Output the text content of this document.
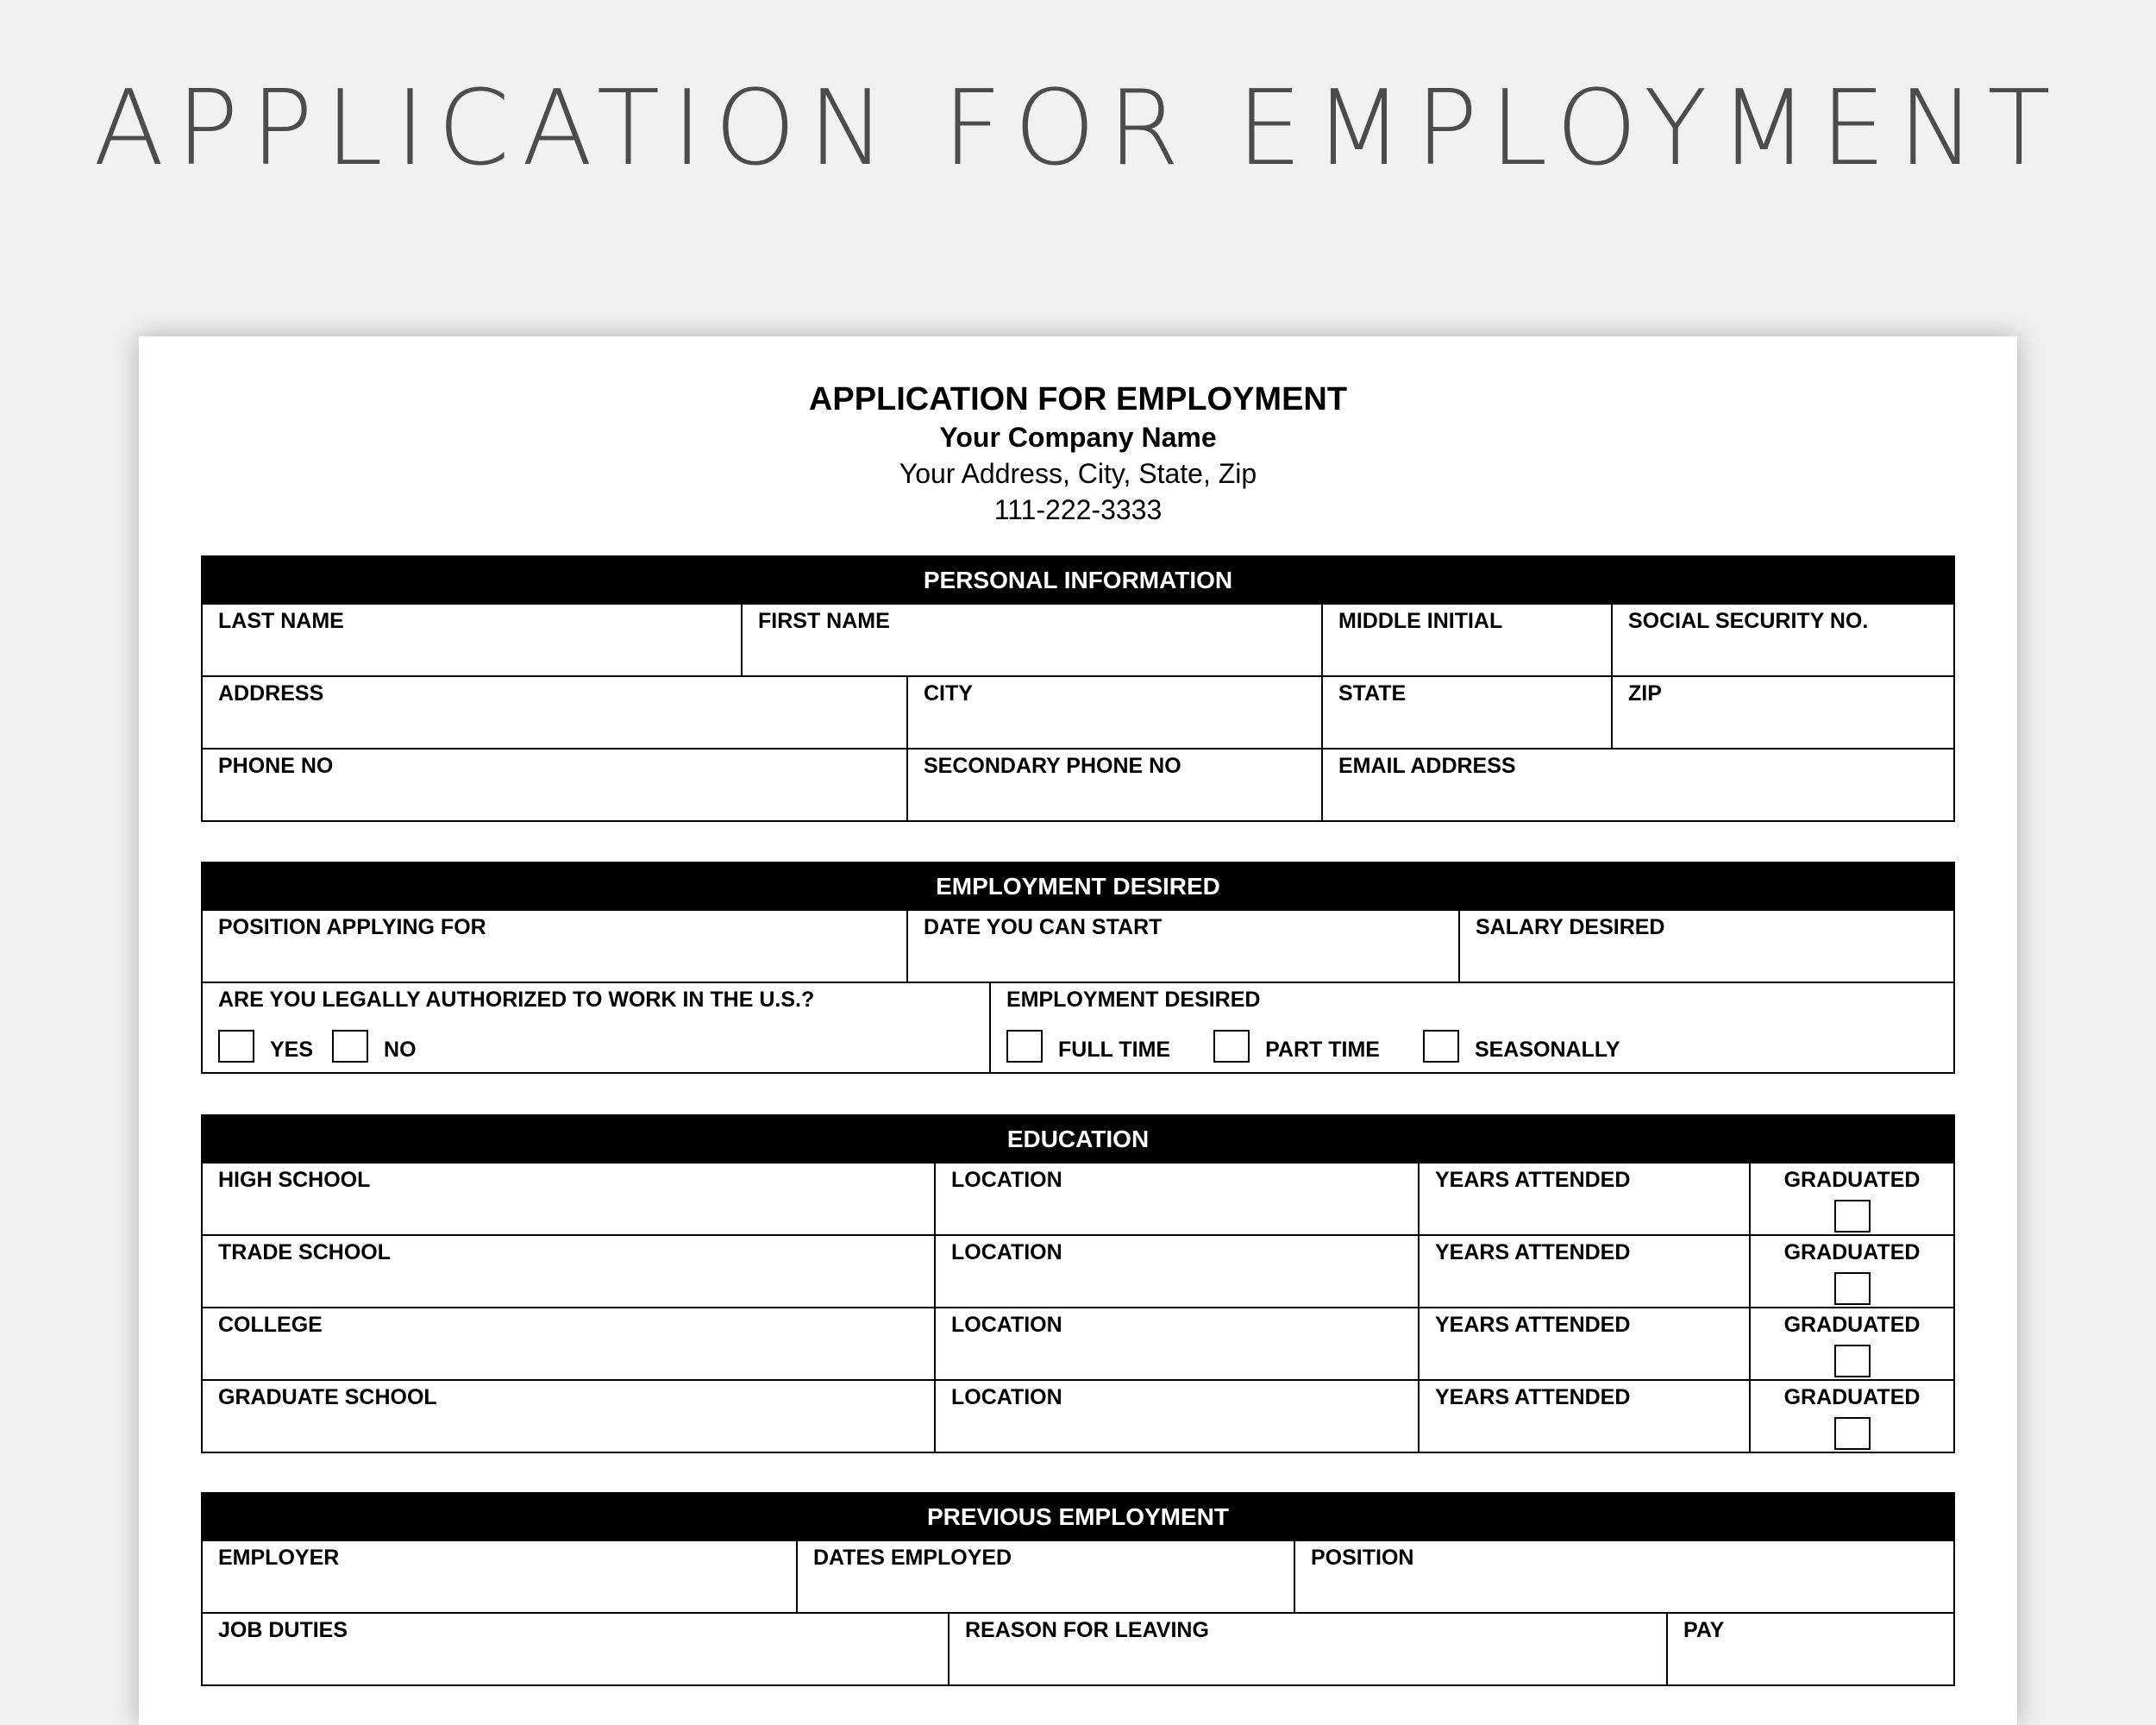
APPLICATION FOR EMPLOYMENT
APPLICATION FOR EMPLOYMENT
Your Company Name
Your Address, City, State, Zip
111-222-3333
PERSONAL INFORMATION
LAST NAME	FIRST NAME	MIDDLE INITIAL	SOCIAL SECURITY NO.
ADDRESS	CITY	STATE	ZIP
PHONE NO	SECONDARY PHONE NO	EMAIL ADDRESS
EMPLOYMENT DESIRED
POSITION APPLYING FOR	DATE YOU CAN START	SALARY DESIRED
ARE YOU LEGALLY AUTHORIZED TO WORK IN THE U.S.?
YES	NO
EMPLOYMENT DESIRED
FULL TIME	PART TIME	SEASONALLY
EDUCATION
HIGH SCHOOL	LOCATION	YEARS ATTENDED	GRADUATED
TRADE SCHOOL	LOCATION	YEARS ATTENDED	GRADUATED
COLLEGE	LOCATION	YEARS ATTENDED	GRADUATED
GRADUATE SCHOOL	LOCATION	YEARS ATTENDED	GRADUATED
PREVIOUS EMPLOYMENT
EMPLOYER	DATES EMPLOYED	POSITION
JOB DUTIES	REASON FOR LEAVING	PAY
